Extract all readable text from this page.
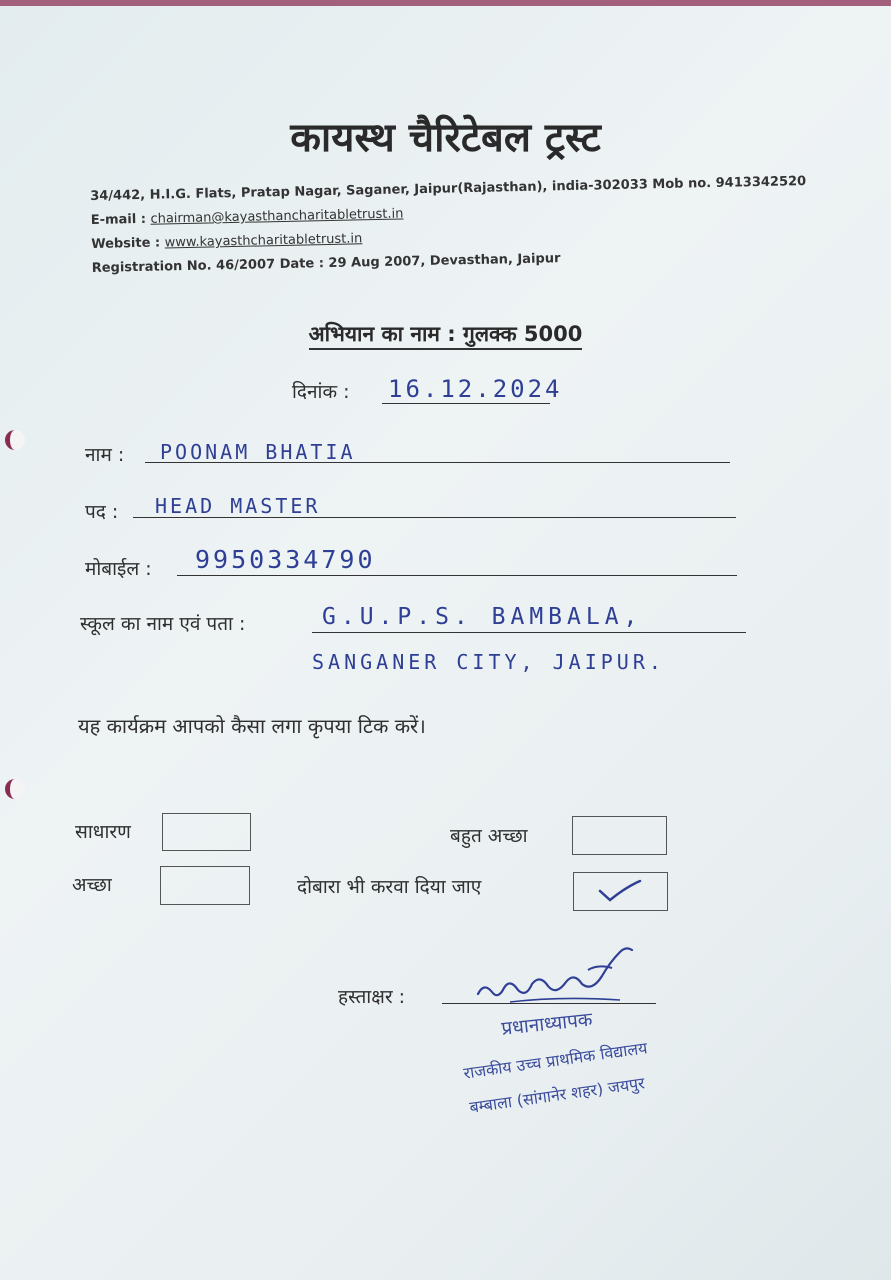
कायस्थ चैरिटेबल ट्रस्ट
34/442, H.I.G. Flats, Pratap Nagar, Saganer, Jaipur(Rajasthan), india-302033 Mob no. 9413342520
E-mail : chairman@kayasthancharitabletrust.in
Website : www.kayasthcharitabletrust.in
Registration No. 46/2007 Date : 29 Aug 2007, Devasthan, Jaipur
अभियान का नाम : गुलक्क 5000
दिनांक : 16.12.2024
नाम : POONAM BHATIA
पद : HEAD MASTER
मोबाईल : 9950334790
स्कूल का नाम एवं पता :	G.U.P.S. BAMBALA,
SANGANER CITY, JAIPUR.
यह कार्यक्रम आपको कैसा लगा कृपया टिक करें।
साधारण	बहुत अच्छा
अच्छा	दोबारा भी करवा दिया जाए
हस्ताक्षर :
प्रधानाध्यापक
राजकीय उच्च प्राथमिक विद्यालय
बम्बाला (सांगानेर शहर) जयपुर
